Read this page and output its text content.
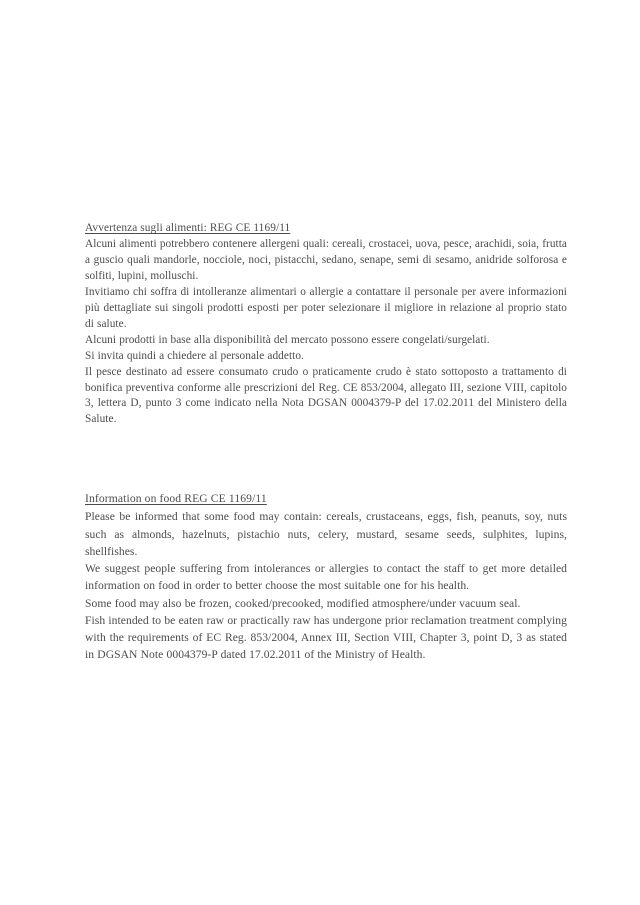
Avvertenza sugli alimenti: REG CE 1169/11

Alcuni alimenti potrebbero contenere allergeni quali: cereali, crostacei, uova, pesce, arachidi, soia, frutta a guscio quali mandorle, nocciole, noci, pistacchi, sedano, senape, semi di sesamo, anidride solforosa e solfiti, lupini, molluschi.

Invitiamo chi soffra di intolleranze alimentari o allergie a contattare il personale per avere informazioni più dettagliate sui singoli prodotti esposti per poter selezionare il migliore in relazione al proprio stato di salute.

Alcuni prodotti in base alla disponibilità del mercato possono essere congelati/surgelati.

Si invita quindi a chiedere al personale addetto.

Il pesce destinato ad essere consumato crudo o praticamente crudo è stato sottoposto a trattamento di bonifica preventiva conforme alle prescrizioni del Reg. CE 853/2004, allegato III, sezione VIII, capitolo 3, lettera D, punto 3 come indicato nella Nota DGSAN 0004379-P del 17.02.2011 del Ministero della Salute.

Information on food REG CE 1169/11

Please be informed that some food may contain: cereals, crustaceans, eggs, fish, peanuts, soy, nuts such as almonds, hazelnuts, pistachio nuts, celery, mustard, sesame seeds, sulphites, lupins, shellfishes.

We suggest people suffering from intolerances or allergies to contact the staff to get more detailed information on food in order to better choose the most suitable one for his health.

Some food may also be frozen, cooked/precooked, modified atmosphere/under vacuum seal.

Fish intended to be eaten raw or practically raw has undergone prior reclamation treatment complying with the requirements of EC Reg. 853/2004, Annex III, Section VIII, Chapter 3, point D, 3 as stated in DGSAN Note 0004379-P dated 17.02.2011 of the Ministry of Health.
